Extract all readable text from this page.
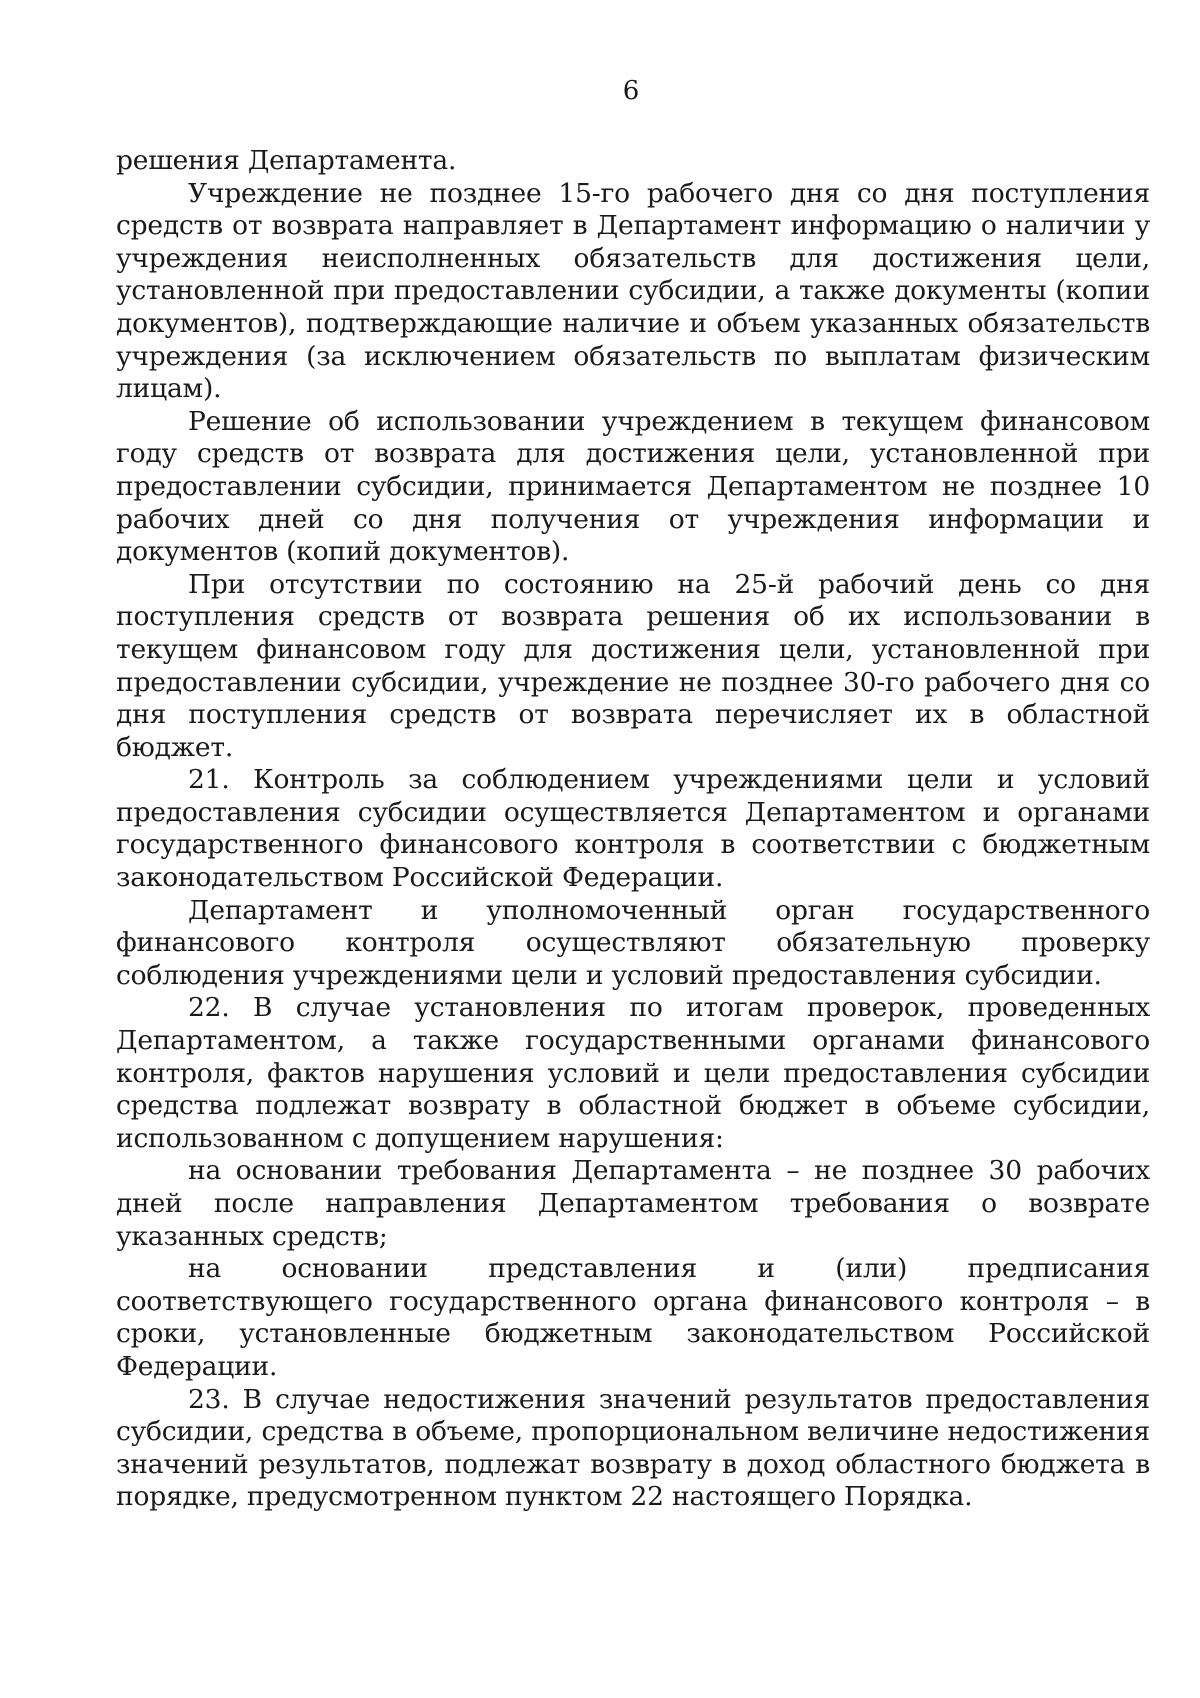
6

решения Департамента.

Учреждение не позднее 15-го рабочего дня со дня поступления средств от возврата направляет в Департамент информацию о наличии у учреждения неисполненных обязательств для достижения цели, установленной при предоставлении субсидии, а также документы (копии документов), подтверждающие наличие и объем указанных обязательств учреждения (за исключением обязательств по выплатам физическим лицам).

Решение об использовании учреждением в текущем финансовом году средств от возврата для достижения цели, установленной при предоставлении субсидии, принимается Департаментом не позднее 10 рабочих дней со дня получения от учреждения информации и документов (копий документов).

При отсутствии по состоянию на 25-й рабочий день со дня поступления средств от возврата решения об их использовании в текущем финансовом году для достижения цели, установленной при предоставлении субсидии, учреждение не позднее 30-го рабочего дня со дня поступления средств от возврата перечисляет их в областной бюджет.

21. Контроль за соблюдением учреждениями цели и условий предоставления субсидии осуществляется Департаментом и органами государственного финансового контроля в соответствии с бюджетным законодательством Российской Федерации.

Департамент и уполномоченный орган государственного финансового контроля осуществляют обязательную проверку соблюдения учреждениями цели и условий предоставления субсидии.

22. В случае установления по итогам проверок, проведенных Департаментом, а также государственными органами финансового контроля, фактов нарушения условий и цели предоставления субсидии средства подлежат возврату в областной бюджет в объеме субсидии, использованном с допущением нарушения:

на основании требования Департамента – не позднее 30 рабочих дней после направления Департаментом требования о возврате указанных средств;

на основании представления и (или) предписания соответствующего государственного органа финансового контроля – в сроки, установленные бюджетным законодательством Российской Федерации.

23. В случае недостижения значений результатов предоставления субсидии, средства в объеме, пропорциональном величине недостижения значений результатов, подлежат возврату в доход областного бюджета в порядке, предусмотренном пунктом 22 настоящего Порядка.
